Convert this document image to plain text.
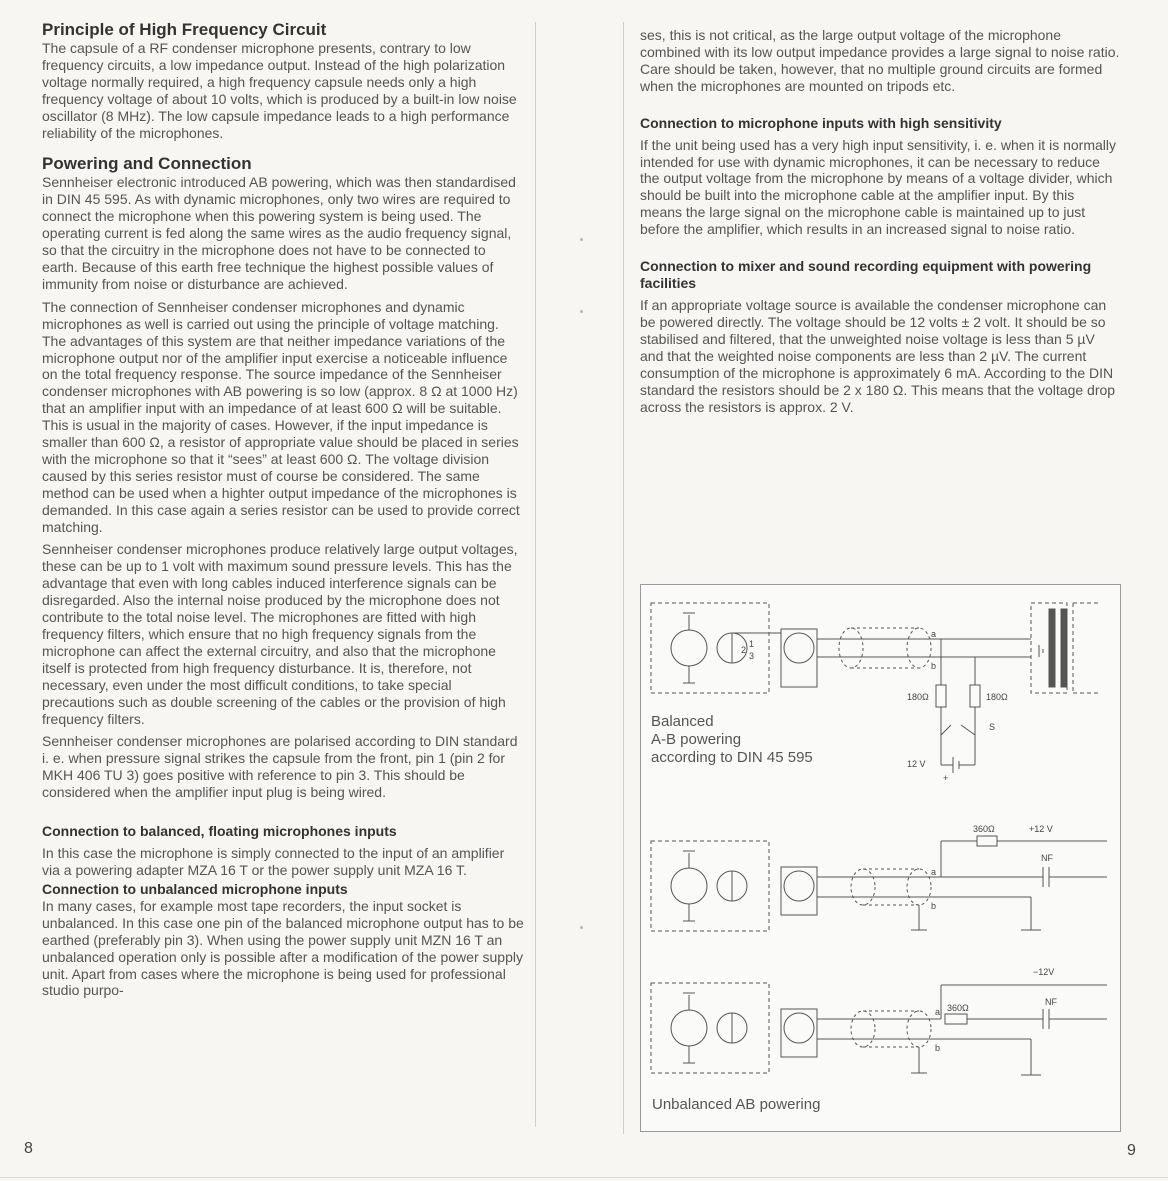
Principle of High Frequency Circuit

The capsule of a RF condenser microphone presents, contrary to low frequency circuits, a low impedance output. Instead of the high polarization voltage normally required, a high frequency capsule needs only a high frequency voltage of about 10 volts, which is produced by a built-in low noise oscillator (8 MHz). The low capsule impedance leads to a high performance reliability of the microphones.

Powering and Connection

Sennheiser electronic introduced AB powering, which was then standardised in DIN 45 595. As with dynamic microphones, only two wires are required to connect the microphone when this powering system is being used. The operating current is fed along the same wires as the audio frequency signal, so that the circuitry in the microphone does not have to be connected to earth. Because of this earth free technique the highest possible values of immunity from noise or disturbance are achieved.

The connection of Sennheiser condenser microphones and dynamic microphones as well is carried out using the principle of voltage matching. The advantages of this system are that neither impedance variations of the microphone output nor of the amplifier input exercise a noticeable influence on the total frequency response. The source impedance of the Sennheiser condenser microphones with AB powering is so low (approx. 8 Ω at 1000 Hz) that an amplifier input with an impedance of at least 600 Ω will be suitable. This is usual in the majority of cases. However, if the input impedance is smaller than 600 Ω, a resistor of appropriate value should be placed in series with the microphone so that it “sees” at least 600 Ω. The voltage division caused by this series resistor must of course be considered. The same method can be used when a highter output impedance of the microphones is demanded. In this case again a series resistor can be used to provide correct matching.

Sennheiser condenser microphones produce relatively large output voltages, these can be up to 1 volt with maximum sound pressure levels. This has the advantage that even with long cables induced interference signals can be disregarded. Also the internal noise produced by the microphone does not contribute to the total noise level. The microphones are fitted with high frequency filters, which ensure that no high frequency signals from the microphone can affect the external circuitry, and also that the microphone itself is protected from high frequency disturbance. It is, therefore, not necessary, even under the most difficult conditions, to take special precautions such as double screening of the cables or the provision of high frequency filters.

Sennheiser condenser microphones are polarised according to DIN standard i. e. when pressure signal strikes the capsule from the front, pin 1 (pin 2 for MKH 406 TU 3) goes positive with reference to pin 3. This should be considered when the amplifier input plug is being wired.

Connection to balanced, floating microphones inputs

In this case the microphone is simply connected to the input of an amplifier via a powering adapter MZA 16 T or the power supply unit MZA 16 T.

Connection to unbalanced microphone inputs

In many cases, for example most tape recorders, the input socket is unbalanced. In this case one pin of the balanced microphone output has to be earthed (preferably pin 3). When using the power supply unit MZN 16 T an unbalanced operation only is possible after a modification of the power supply unit. Apart from cases where the microphone is being used for professional studio purpo-

ses, this is not critical, as the large output voltage of the microphone combined with its low output impedance provides a large signal to noise ratio. Care should be taken, however, that no multiple ground circuits are formed when the microphones are mounted on tripods etc.

Connection to microphone inputs with high sensitivity

If the unit being used has a very high input sensitivity, i. e. when it is normally intended for use with dynamic microphones, it can be necessary to reduce the output voltage from the microphone by means of a voltage divider, which should be built into the microphone cable at the amplifier input. By this means the large signal on the microphone cable is maintained up to just before the amplifier, which results in an increased signal to noise ratio.

Connection to mixer and sound recording equipment with powering facilities

If an appropriate voltage source is available the condenser microphone can be powered directly. The voltage should be 12 volts ± 2 volt. It should be so stabilised and filtered, that the unweighted noise voltage is less than 5 µV and that the weighted noise components are less than 2 µV. The current consumption of the microphone is approximately 6 mA. According to the DIN standard the resistors should be 2 x 180 Ω. This means that the voltage drop across the resistors is approx. 2 V.

a
b
180Ω	180Ω
S
12 V
+
1
2
3
360Ω	+12 V
NF
a
b
−12V
360Ω
NF
a
b
Balanced
A-B powering
according to DIN 45 595
Unbalanced AB powering
8	9
